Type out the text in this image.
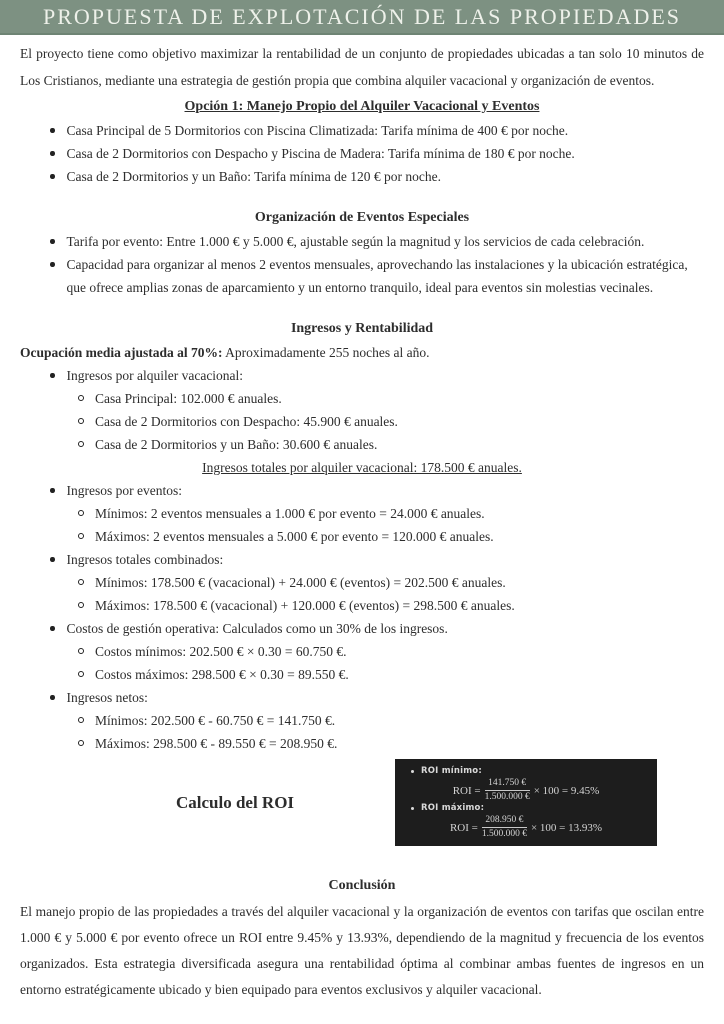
PROPUESTA DE EXPLOTACIÓN DE LAS PROPIEDADES

El proyecto tiene como objetivo maximizar la rentabilidad de un conjunto de propiedades ubicadas a tan solo 10 minutos de Los Cristianos, mediante una estrategia de gestión propia que combina alquiler vacacional y organización de eventos.

Opción 1: Manejo Propio del Alquiler Vacacional y Eventos
Casa Principal de 5 Dormitorios con Piscina Climatizada: Tarifa mínima de 400 € por noche.
Casa de 2 Dormitorios con Despacho y Piscina de Madera: Tarifa mínima de 180 € por noche.
Casa de 2 Dormitorios y un Baño: Tarifa mínima de 120 € por noche.
Organización de Eventos Especiales
Tarifa por evento: Entre 1.000 € y 5.000 €, ajustable según la magnitud y los servicios de cada celebración.
Capacidad para organizar al menos 2 eventos mensuales, aprovechando las instalaciones y la ubicación estratégica, que ofrece amplias zonas de aparcamiento y un entorno tranquilo, ideal para eventos sin molestias vecinales.
Ingresos y Rentabilidad
Ocupación media ajustada al 70%: Aproximadamente 255 noches al año.
Ingresos por alquiler vacacional:
Casa Principal: 102.000 € anuales.
Casa de 2 Dormitorios con Despacho: 45.900 € anuales.
Casa de 2 Dormitorios y un Baño: 30.600 € anuales.
Ingresos totales por alquiler vacacional: 178.500 € anuales.
Ingresos por eventos:
Mínimos: 2 eventos mensuales a 1.000 € por evento = 24.000 € anuales.
Máximos: 2 eventos mensuales a 5.000 € por evento = 120.000 € anuales.
Ingresos totales combinados:
Mínimos: 178.500 € (vacacional) + 24.000 € (eventos) = 202.500 € anuales.
Máximos: 178.500 € (vacacional) + 120.000 € (eventos) = 298.500 € anuales.
Costos de gestión operativa: Calculados como un 30% de los ingresos.
Costos mínimos: 202.500 € × 0.30 = 60.750 €.
Costos máximos: 298.500 € × 0.30 = 89.550 €.
Ingresos netos:
Mínimos: 202.500 € - 60.750 € = 141.750 €.
Máximos: 298.500 € - 89.550 € = 208.950 €.
Calculo del ROI
ROI mínimo:
ROI = $\frac{141.750 €}{1.500.000 €} \times 100 = 9.45\%$
ROI máximo:
ROI = $\frac{208.950 €}{1.500.000 €} \times 100 = 13.93\%$
Conclusión

El manejo propio de las propiedades a través del alquiler vacacional y la organización de eventos con tarifas que oscilan entre 1.000 € y 5.000 € por evento ofrece un ROI entre 9.45% y 13.93%, dependiendo de la magnitud y frecuencia de los eventos organizados. Esta estrategia diversificada asegura una rentabilidad óptima al combinar ambas fuentes de ingresos en un entorno estratégicamente ubicado y bien equipado para eventos exclusivos y alquiler vacacional.
